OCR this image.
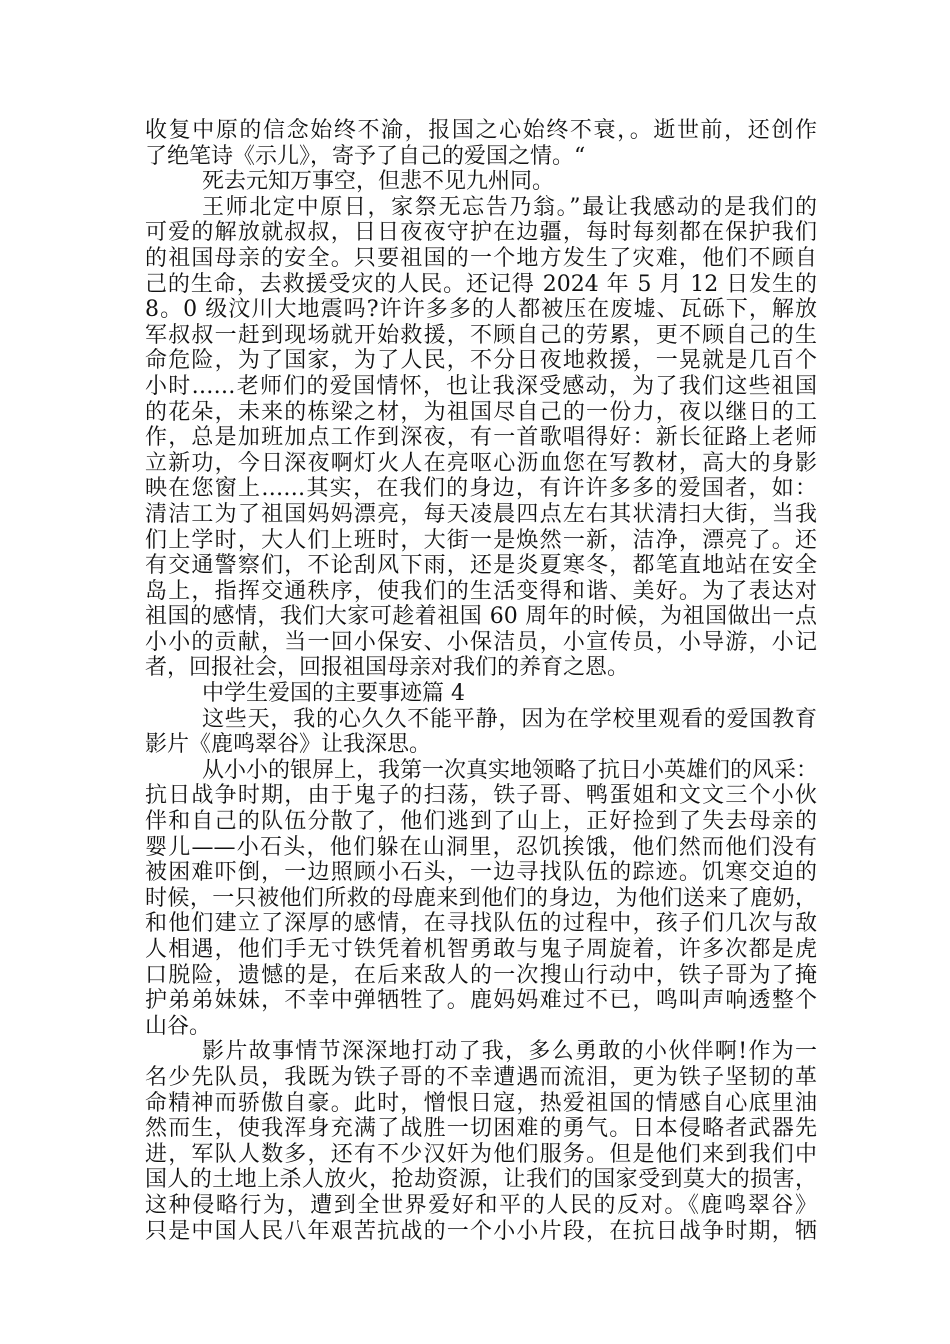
收复中原的信念始终不渝，报国之心始终不衰，。逝世前，还创作
了绝笔诗《示儿》，寄予了自己的爱国之情。“
死去元知万事空，但悲不见九州同。
王师北定中原日，家祭无忘告乃翁。”最让我感动的是我们的
可爱的解放就叔叔，日日夜夜守护在边疆，每时每刻都在保护我们
的祖国母亲的安全。只要祖国的一个地方发生了灾难，他们不顾自
己的生命，去救援受灾的人民。还记得 2024 年 5 月 12 日发生的
8。0 级汶川大地震吗?许许多多的人都被压在废墟、瓦砾下，解放
军叔叔一赶到现场就开始救援，不顾自己的劳累，更不顾自己的生
命危险，为了国家，为了人民，不分日夜地救援，一晃就是几百个
小时……老师们的爱国情怀，也让我深受感动，为了我们这些祖国
的花朵，未来的栋梁之材，为祖国尽自己的一份力，夜以继日的工
作，总是加班加点工作到深夜，有一首歌唱得好：新长征路上老师
立新功，今日深夜啊灯火人在亮呕心沥血您在写教材，高大的身影
映在您窗上……其实，在我们的身边，有许许多多的爱国者，如：
清洁工为了祖国妈妈漂亮，每天凌晨四点左右其状清扫大街，当我
们上学时，大人们上班时，大街一是焕然一新，洁净，漂亮了。还
有交通警察们，不论刮风下雨，还是炎夏寒冬，都笔直地站在安全
岛上，指挥交通秩序，使我们的生活变得和谐、美好。为了表达对
祖国的感情，我们大家可趁着祖国 60 周年的时候，为祖国做出一点
小小的贡献，当一回小保安、小保洁员，小宣传员，小导游，小记
者，回报社会，回报祖国母亲对我们的养育之恩。
中学生爱国的主要事迹篇 4
这些天，我的心久久不能平静，因为在学校里观看的爱国教育
影片《鹿鸣翠谷》让我深思。
从小小的银屏上，我第一次真实地领略了抗日小英雄们的风采：
抗日战争时期，由于鬼子的扫荡，铁子哥、鸭蛋姐和文文三个小伙
伴和自己的队伍分散了，他们逃到了山上，正好捡到了失去母亲的
婴儿——小石头，他们躲在山洞里，忍饥挨饿，他们然而他们没有
被困难吓倒，一边照顾小石头，一边寻找队伍的踪迹。饥寒交迫的
时候，一只被他们所救的母鹿来到他们的身边，为他们送来了鹿奶，
和他们建立了深厚的感情，在寻找队伍的过程中，孩子们几次与敌
人相遇，他们手无寸铁凭着机智勇敢与鬼子周旋着，许多次都是虎
口脱险，遗憾的是，在后来敌人的一次搜山行动中，铁子哥为了掩
护弟弟妹妹，不幸中弹牺牲了。鹿妈妈难过不已，鸣叫声响透整个
山谷。
影片故事情节深深地打动了我，多么勇敢的小伙伴啊!作为一
名少先队员，我既为铁子哥的不幸遭遇而流泪，更为铁子坚韧的革
命精神而骄傲自豪。此时，憎恨日寇，热爱祖国的情感自心底里油
然而生，使我浑身充满了战胜一切困难的勇气。日本侵略者武器先
进，军队人数多，还有不少汉奸为他们服务。但是他们来到我们中
国人的土地上杀人放火，抢劫资源，让我们的国家受到莫大的损害，
这种侵略行为，遭到全世界爱好和平的人民的反对。《鹿鸣翠谷》
只是中国人民八年艰苦抗战的一个小小片段，在抗日战争时期，牺
